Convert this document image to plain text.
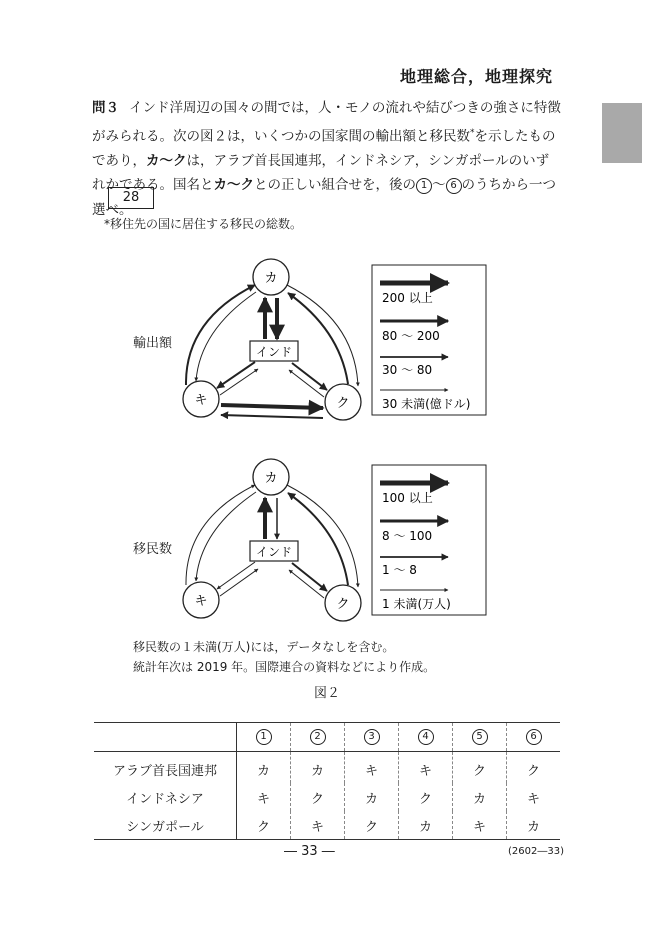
地理総合，地理探究
問３ インド洋周辺の国々の間では，人・モノの流れや結びつきの強さに特徴がみられる。次の図２は，いくつかの国家間の輸出額と移民数*を示したものであり，カ～クは，アラブ首長国連邦，インドネシア，シンガポールのいずれかである。国名とカ～クとの正しい組合せを，後の 1 ～ 6 のうちから一つ選べ。
28
*移住先の国に居住する移民の総数。
カ
キ	ク
インド
200 以上
80 ～ 200
30 ～ 80
30 未満(億ドル)
カ
キ	ク
インド
100 以上
8 ～ 100
1 ～ 8
1 未満(万人)
輸出額
移民数
移民数の１未満(万人)には，データなしを含む。
統計年次は 2019 年。国際連合の資料などにより作成。
図２
	1	2	3	4	5	6
アラブ首長国連邦	カ	カ	キ	キ	ク	ク
インドネシア	キ	ク	カ	ク	カ	キ
シンガポール	ク	キ	ク	カ	キ	カ
― 33 ―	(2602―33)
